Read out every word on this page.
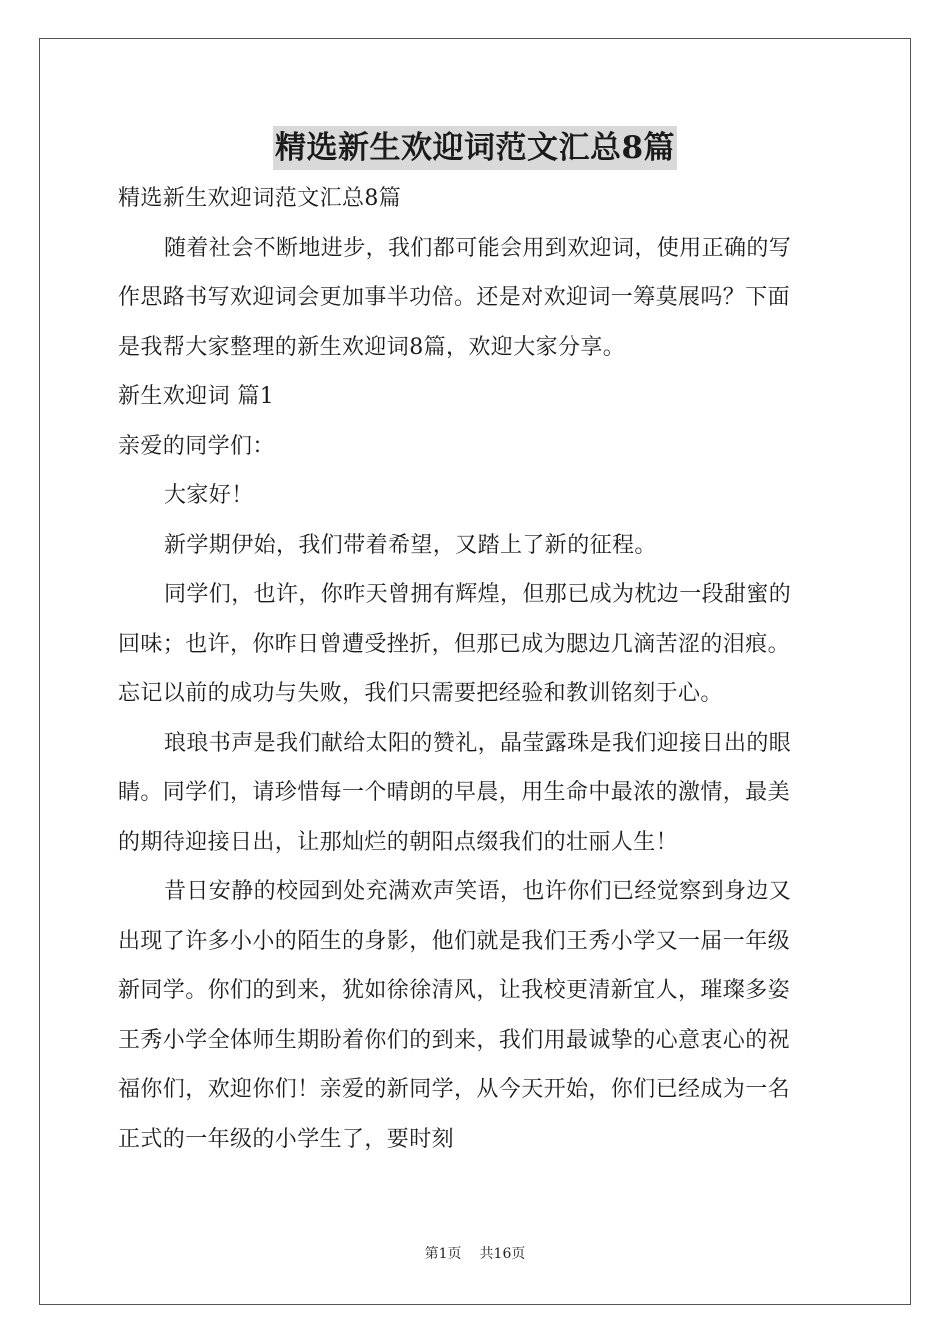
精选新生欢迎词范文汇总8篇
精选新生欢迎词范文汇总8篇
随着社会不断地进步，我们都可能会用到欢迎词，使用正确的写
作思路书写欢迎词会更加事半功倍。还是对欢迎词一筹莫展吗？下面
是我帮大家整理的新生欢迎词8篇，欢迎大家分享。
新生欢迎词 篇1
亲爱的同学们：
大家好！
新学期伊始，我们带着希望，又踏上了新的征程。
同学们，也许，你昨天曾拥有辉煌，但那已成为枕边一段甜蜜的
回味；也许，你昨日曾遭受挫折，但那已成为腮边几滴苦涩的泪痕。
忘记以前的成功与失败，我们只需要把经验和教训铭刻于心。
琅琅书声是我们献给太阳的赞礼，晶莹露珠是我们迎接日出的眼
睛。同学们，请珍惜每一个晴朗的早晨，用生命中最浓的激情，最美
的期待迎接日出，让那灿烂的朝阳点缀我们的壮丽人生！
昔日安静的校园到处充满欢声笑语，也许你们已经觉察到身边又
出现了许多小小的陌生的身影，他们就是我们王秀小学又一届一年级
新同学。你们的到来，犹如徐徐清风，让我校更清新宜人，璀璨多姿
王秀小学全体师生期盼着你们的到来，我们用最诚挚的心意衷心的祝
福你们，欢迎你们！亲爱的新同学，从今天开始，你们已经成为一名
正式的一年级的小学生了，要时刻
第1页 共16页
